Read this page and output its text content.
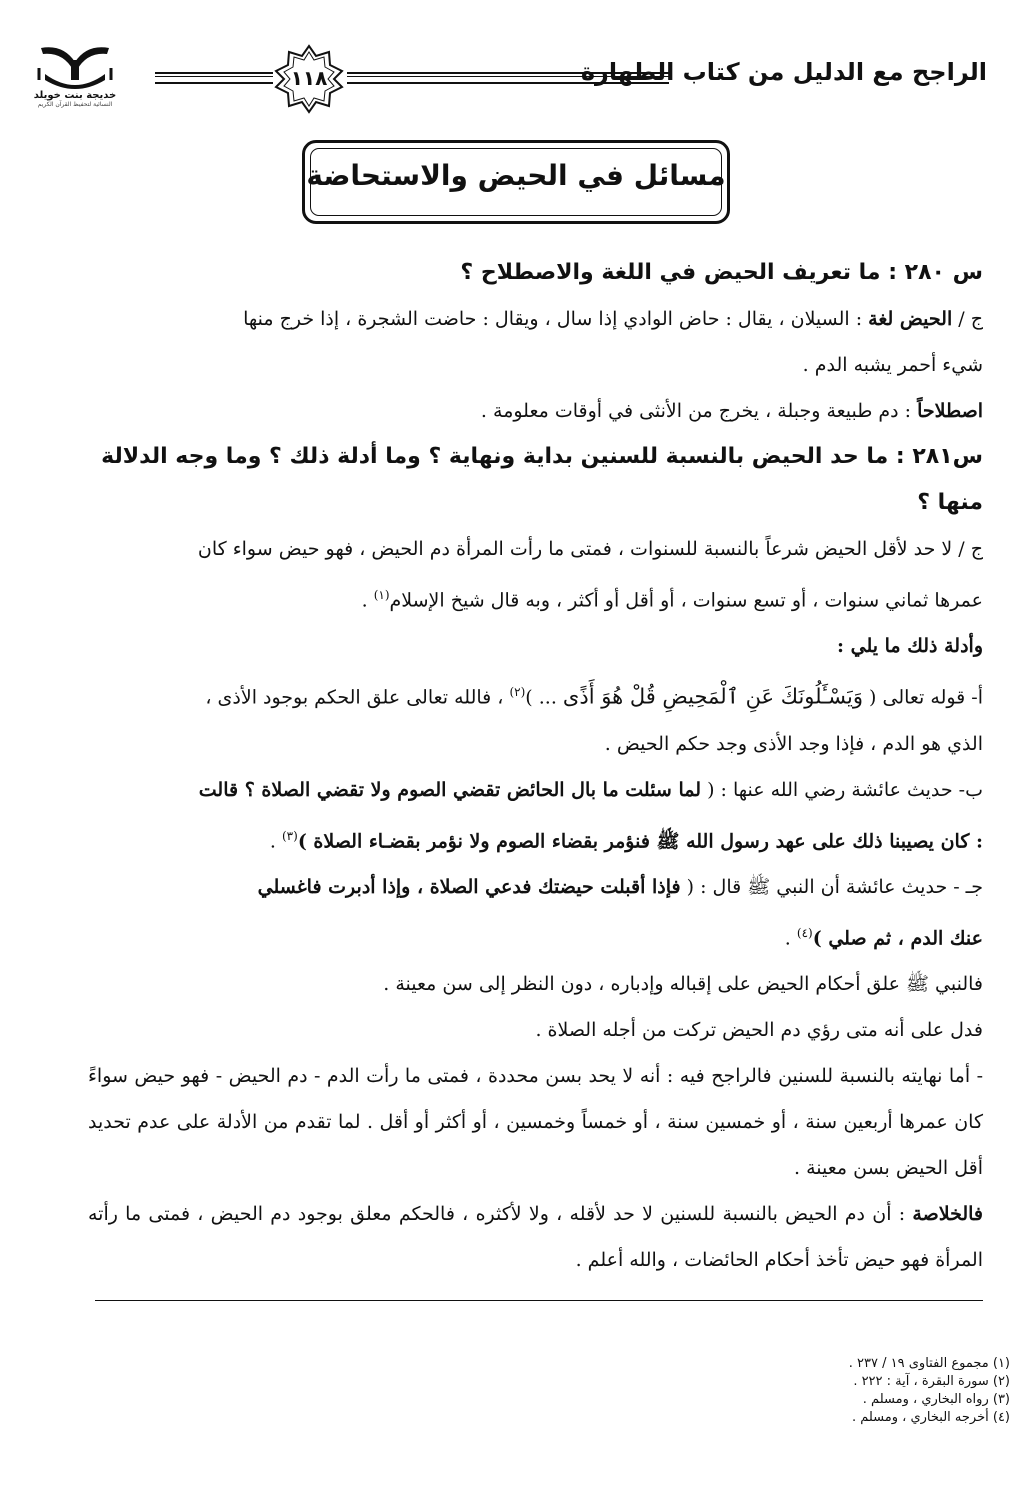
الراجح مع الدليل من كتاب الطهارة
١١٨
خديجة بنت خويلد
النسائية لتحفيظ القرآن الكريم
مسائل في الحيض والاستحاضة

س ٢٨٠ : ما تعريف الحيض في اللغة والاصطلاح ؟

ج / الحيض لغة : السيلان ، يقال : حاض الوادي إذا سال ، ويقال : حاضت الشجرة ، إذا خرج منها
شيء أحمر يشبه الدم .

اصطلاحاً : دم طبيعة وجبلة ، يخرج من الأنثى في أوقات معلومة .

س٢٨١ : ما حد الحيض بالنسبة للسنين بداية ونهاية ؟ وما أدلة ذلك ؟ وما وجه الدلالة منها ؟

ج / لا حد لأقل الحيض شرعاً بالنسبة للسنوات ، فمتى ما رأت المرأة دم الحيض ، فهو حيض سواء كان
عمرها ثماني سنوات ، أو تسع سنوات ، أو أقل أو أكثر ، وبه قال شيخ الإسلام$^{(١)}$ .

وأدلة ذلك ما يلي :

أ- قوله تعالى ( وَيَسْـَٔلُونَكَ عَنِ ٱلْمَحِيضِ قُلْ هُوَ أَذًى ... )$^{(٢)}$ ، فالله تعالى علق الحكم بوجود الأذى ،
الذي هو الدم ، فإذا وجد الأذى وجد حكم الحيض .

ب- حديث عائشة رضي الله عنها : ( لما سئلت ما بال الحائض تقضي الصوم ولا تقضي الصلاة ؟ قالت
: كان يصيبنا ذلك على عهد رسول الله ﷺ فنؤمر بقضاء الصوم ولا نؤمر بقضـاء الصلاة )$^{(٣)}$ .

جـ - حديث عائشة أن النبي ﷺ قال : ( فإذا أقبلت حيضتك فدعي الصلاة ، وإذا أدبرت فاغسلي
عنك الدم ، ثم صلي )$^{(٤)}$ .

فالنبي ﷺ علق أحكام الحيض على إقباله وإدباره ، دون النظر إلى سن معينة .

فدل على أنه متى رؤي دم الحيض تركت من أجله الصلاة .

- أما نهايته بالنسبة للسنين فالراجح فيه : أنه لا يحد بسن محددة ، فمتى ما رأت الدم - دم الحيض - فهو حيض سواءً كان عمرها أربعين سنة ، أو خمسين سنة ، أو خمساً وخمسين ، أو أكثر أو أقل . لما تقدم من الأدلة على عدم تحديد أقل الحيض بسن معينة .

فالخلاصة : أن دم الحيض بالنسبة للسنين لا حد لأقله ، ولا لأكثره ، فالحكم معلق بوجود دم الحيض ، فمتى ما رأته المرأة فهو حيض تأخذ أحكام الحائضات ، والله أعلم .

(١) مجموع الفتاوى ١٩ / ٢٣٧ .
(٢) سورة البقرة ، آية : ٢٢٢ .
(٣) رواه البخاري ، ومسلم .
(٤) أخرجه البخاري ، ومسلم .
